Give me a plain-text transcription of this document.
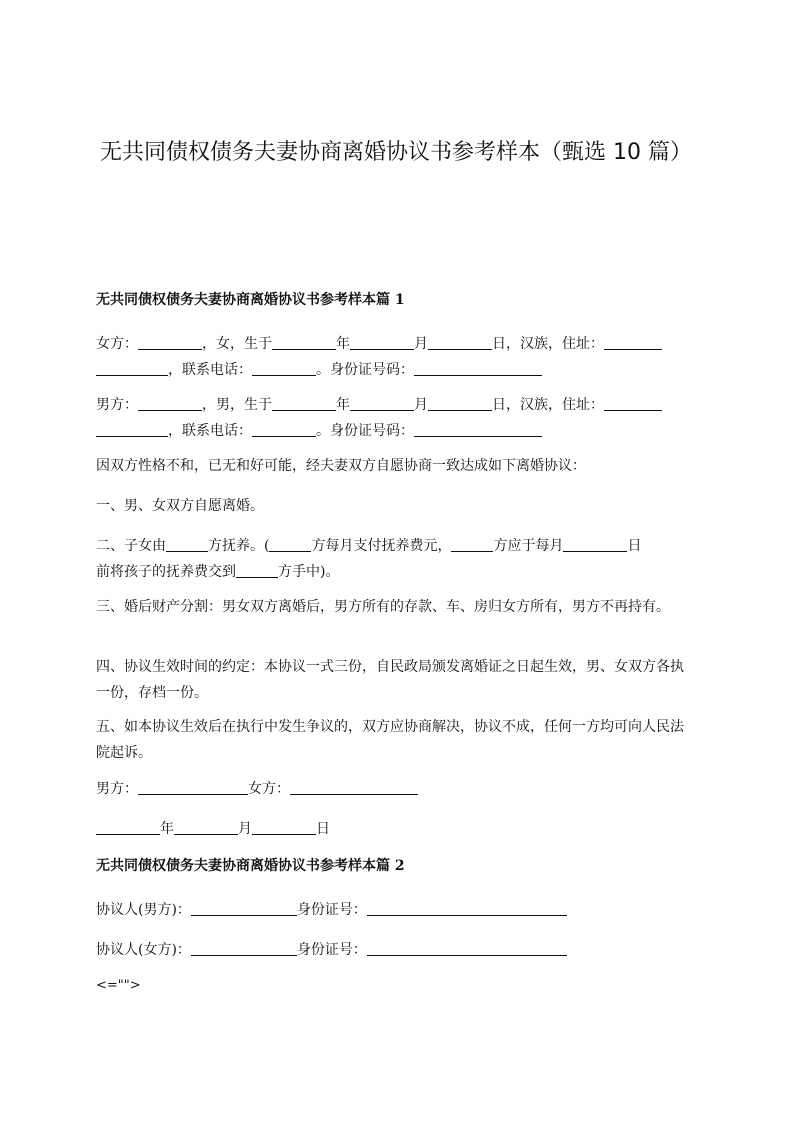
无共同债权债务夫妻协商离婚协议书参考样本（甄选 10 篇）
无共同债权债务夫妻协商离婚协议书参考样本篇 1
女方：	，女，生于	年	月	日，汉族，住址：
，联系电话：	。身份证号码：
男方：	，男，生于	年	月	日，汉族，住址：
，联系电话：	。身份证号码：
因双方性格不和，已无和好可能，经夫妻双方自愿协商一致达成如下离婚协议：
一、男、女双方自愿离婚。
二、子女由	方抚养。(	方每月支付抚养费元，	方应于每月	日
前将孩子的抚养费交到	方手中)。
三、婚后财产分割：男女双方离婚后，男方所有的存款、车、房归女方所有，男方不再持有。
四、协议生效时间的约定：本协议一式三份，自民政局颁发离婚证之日起生效，男、女双方各执一份，存档一份。
五、如本协议生效后在执行中发生争议的，双方应协商解决，协议不成，任何一方均可向人民法院起诉。
男方：	女方：
年	月	日
无共同债权债务夫妻协商离婚协议书参考样本篇 2
协议人(男方)：	身份证号：
协议人(女方)：	身份证号：
<="">
